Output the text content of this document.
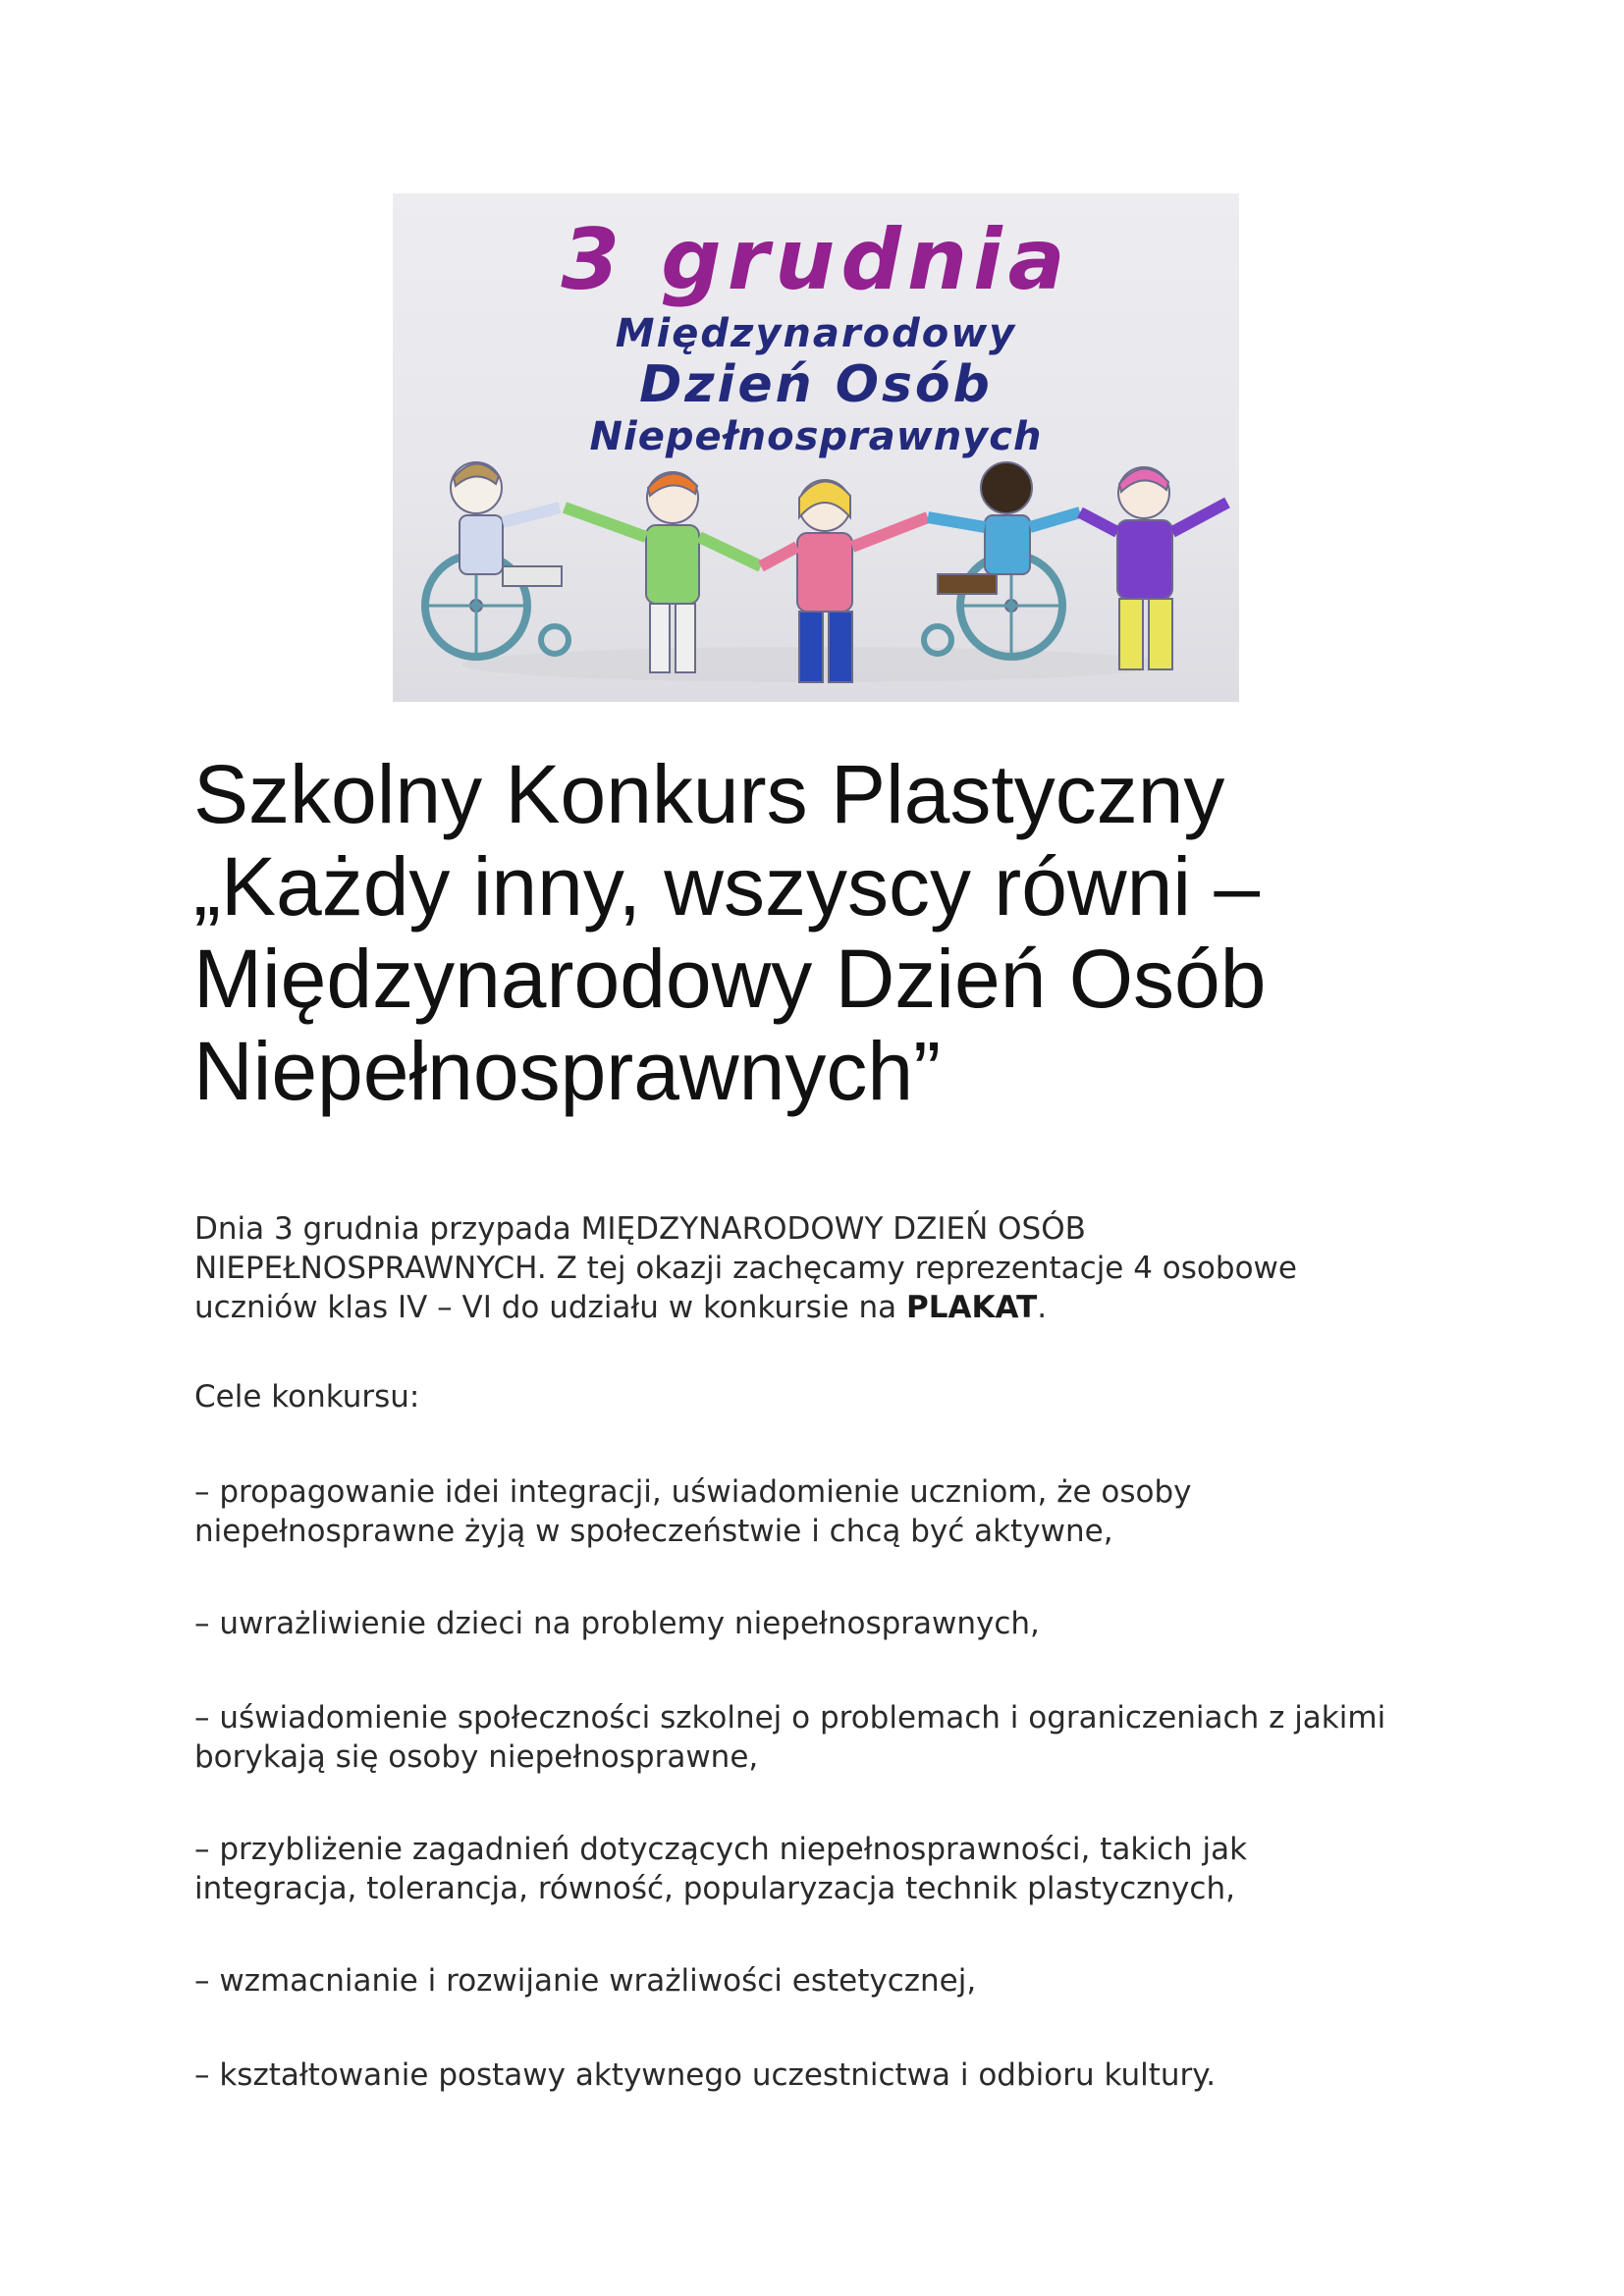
3 grudnia
Międzynarodowy
Dzień Osób
Niepełnosprawnych
Szkolny Konkurs Plastyczny
„Każdy inny, wszyscy równi –
Międzynarodowy Dzień Osób
Niepełnosprawnych”
Dnia 3 grudnia przypada MIĘDZYNARODOWY DZIEŃ OSÓB
NIEPEŁNOSPRAWNYCH. Z tej okazji zachęcamy reprezentacje 4 osobowe
uczniów klas IV – VI do udziału w konkursie na PLAKAT.
Cele konkursu:
– propagowanie idei integracji, uświadomienie uczniom, że osoby
niepełnosprawne żyją w społeczeństwie i chcą być aktywne,
– uwrażliwienie dzieci na problemy niepełnosprawnych,
– uświadomienie społeczności szkolnej o problemach i ograniczeniach z jakimi
borykają się osoby niepełnosprawne,
– przybliżenie zagadnień dotyczących niepełnosprawności, takich jak
integracja, tolerancja, równość, popularyzacja technik plastycznych,
– wzmacnianie i rozwijanie wrażliwości estetycznej,
– kształtowanie postawy aktywnego uczestnictwa i odbioru kultury.
